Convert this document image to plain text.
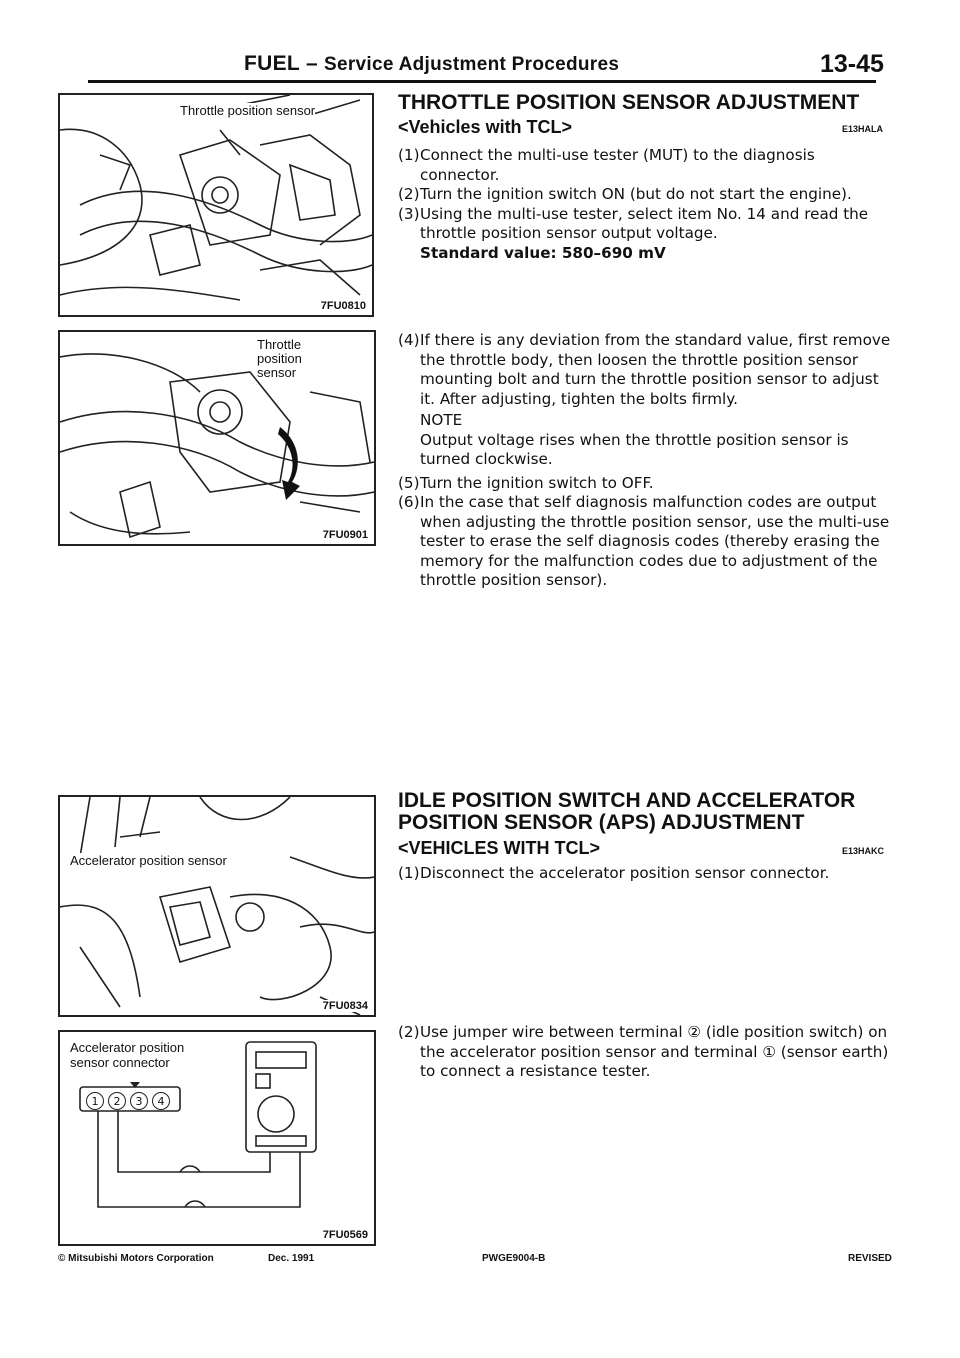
FUEL – Service Adjustment Procedures	13-45
Throttle position sensor
7FU0810
Throttle
position
sensor
7FU0901
Accelerator position sensor
7FU0834
1	2	3	4
Accelerator position
sensor connector
7FU0569
THROTTLE POSITION SENSOR ADJUSTMENT
<Vehicles with TCL>	E13HALA
(1) Connect the multi-use tester (MUT) to the diagnosis connector.
(2) Turn the ignition switch ON (but do not start the engine).
(3) Using the multi-use tester, select item No. 14 and read the throttle position sensor output voltage.
Standard value: 580–690 mV
(4) If there is any deviation from the standard value, first remove the throttle body, then loosen the throttle position sensor mounting bolt and turn the throttle position sensor to adjust it. After adjusting, tighten the bolts firmly.
NOTE
Output voltage rises when the throttle position sensor is turned clockwise.
(5) Turn the ignition switch to OFF.
(6) In the case that self diagnosis malfunction codes are output when adjusting the throttle position sensor, use the multi-use tester to erase the self diagnosis codes (thereby erasing the memory for the malfunction codes due to adjustment of the throttle position sensor).
IDLE POSITION SWITCH AND ACCELERATOR
POSITION SENSOR (APS) ADJUSTMENT
<VEHICLES WITH TCL>	E13HAKC
(1) Disconnect the accelerator position sensor connector.
(2) Use jumper wire between terminal ② (idle position switch) on the accelerator position sensor and terminal ① (sensor earth) to connect a resistance tester.
© Mitsubishi Motors Corporation	Dec. 1991	PWGE9004-B	REVISED
